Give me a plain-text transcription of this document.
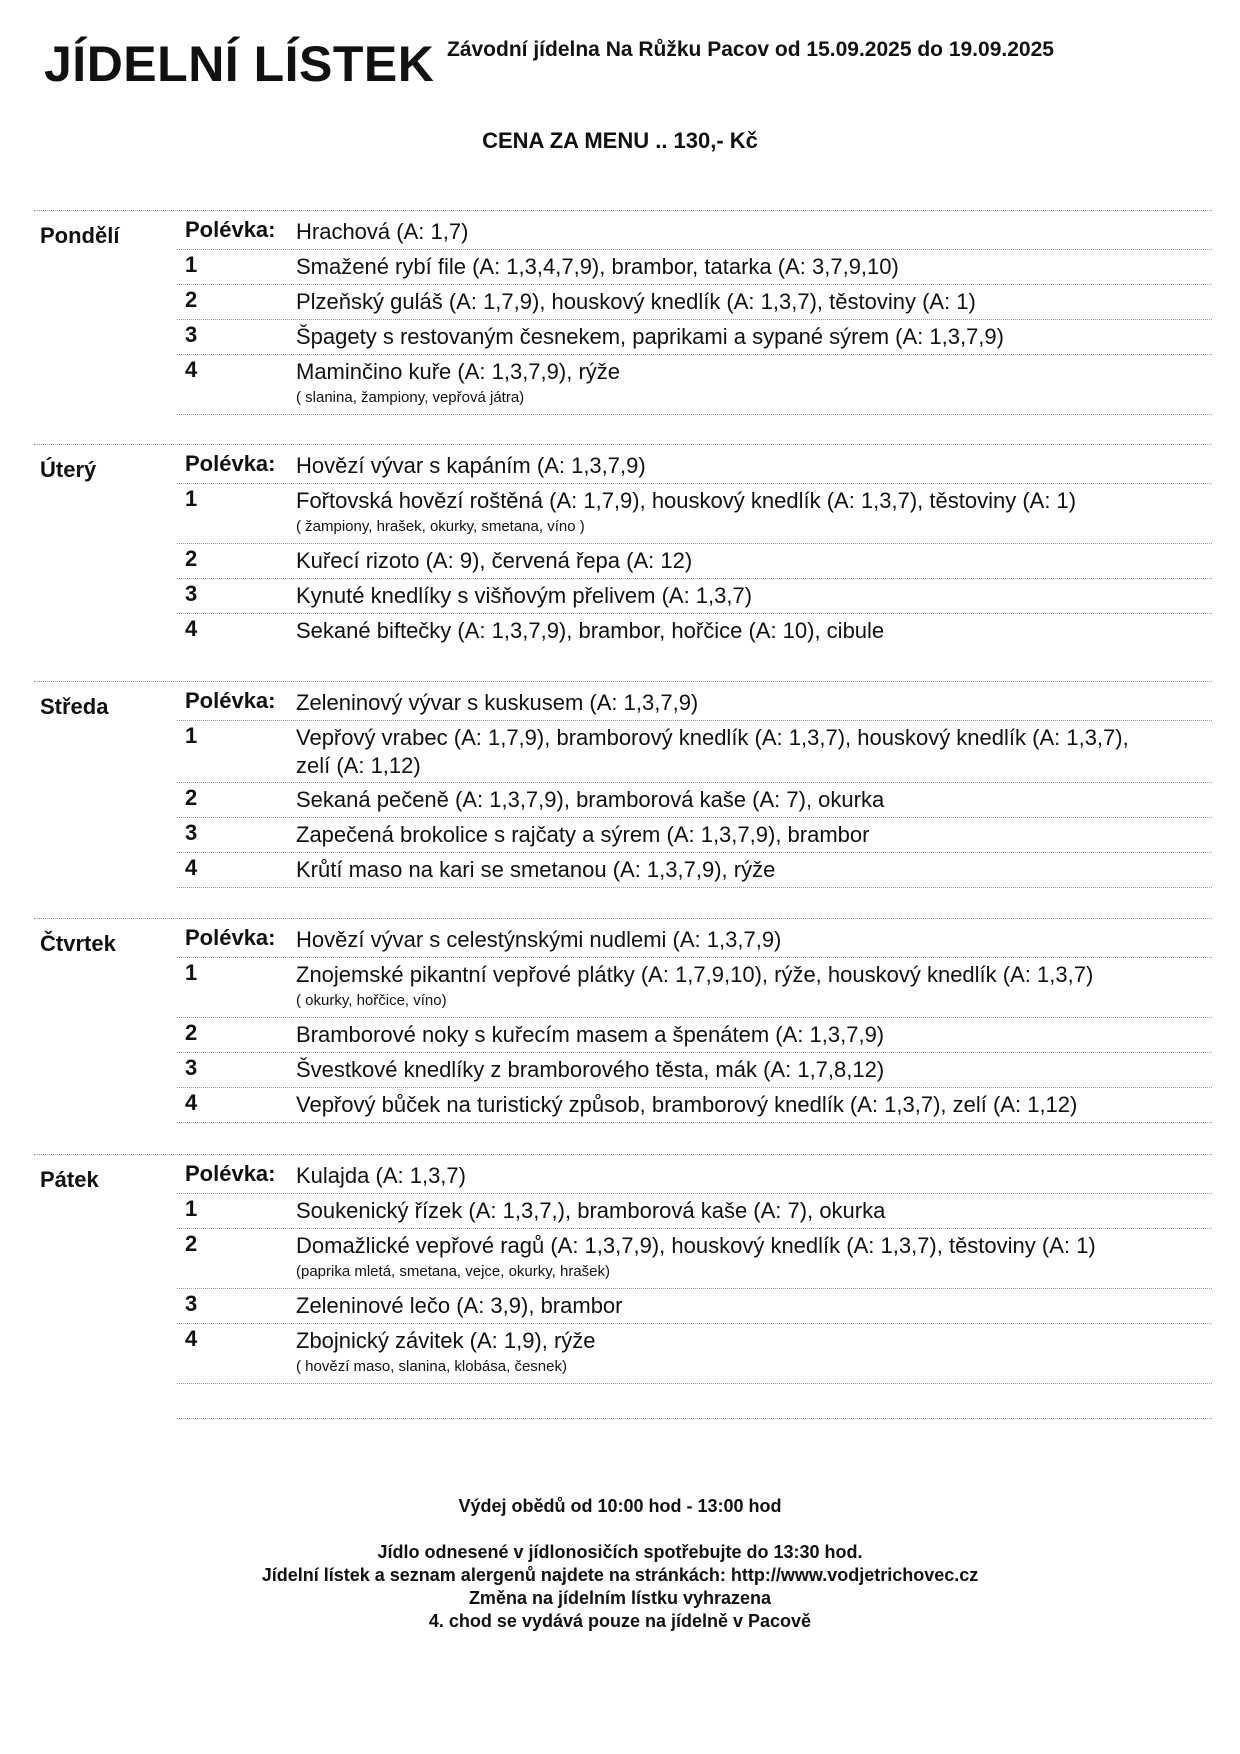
JÍDELNÍ LÍSTEK Závodní jídelna Na Růžku Pacov od 15.09.2025 do 19.09.2025
CENA ZA MENU .. 130,- Kč
Pondělí	Polévka: Hrachová (A: 1,7)
1	Smažené rybí file (A: 1,3,4,7,9), brambor, tatarka (A: 3,7,9,10)
2	Plzeňský guláš (A: 1,7,9), houskový knedlík (A: 1,3,7), těstoviny (A: 1)
3	Špagety s restovaným česnekem, paprikami a sypané sýrem (A: 1,3,7,9)
4	Maminčino kuře (A: 1,3,7,9), rýže
( slanina, žampiony, vepřová játra)
Úterý	Polévka: Hovězí vývar s kapáním (A: 1,3,7,9)
1	Fořtovská hovězí roštěná (A: 1,7,9), houskový knedlík (A: 1,3,7), těstoviny (A: 1)
( žampiony, hrašek, okurky, smetana, víno )
2	Kuřecí rizoto (A: 9), červená řepa (A: 12)
3	Kynuté knedlíky s višňovým přelivem (A: 1,3,7)
4	Sekané biftečky (A: 1,3,7,9), brambor, hořčice (A: 10), cibule
Středa	Polévka: Zeleninový vývar s kuskusem (A: 1,3,7,9)
1	Vepřový vrabec (A: 1,7,9), bramborový knedlík (A: 1,3,7), houskový knedlík (A: 1,3,7), zelí (A: 1,12)
2	Sekaná pečeně (A: 1,3,7,9), bramborová kaše (A: 7), okurka
3	Zapečená brokolice s rajčaty a sýrem (A: 1,3,7,9), brambor
4	Krůtí maso na kari se smetanou (A: 1,3,7,9), rýže
Čtvrtek	Polévka: Hovězí vývar s celestýnskými nudlemi (A: 1,3,7,9)
1	Znojemské pikantní vepřové plátky (A: 1,7,9,10), rýže, houskový knedlík (A: 1,3,7)
( okurky, hořčice, víno)
2	Bramborové noky s kuřecím masem a špenátem (A: 1,3,7,9)
3	Švestkové knedlíky z bramborového těsta, mák (A: 1,7,8,12)
4	Vepřový bůček na turistický způsob, bramborový knedlík (A: 1,3,7), zelí (A: 1,12)
Pátek	Polévka: Kulajda (A: 1,3,7)
1	Soukenický řízek (A: 1,3,7,), bramborová kaše (A: 7), okurka
2	Domažlické vepřové ragů (A: 1,3,7,9), houskový knedlík (A: 1,3,7), těstoviny (A: 1)
(paprika mletá, smetana, vejce, okurky, hrašek)
3	Zeleninové lečo (A: 3,9), brambor
4	Zbojnický závitek (A: 1,9), rýže
( hovězí maso, slanina, klobása, česnek)
Výdej obědů od 10:00 hod - 13:00 hod
Jídlo odnesené v jídlonosičích spotřebujte do 13:30 hod.
Jídelní lístek a seznam alergenů najdete na stránkách: http://www.vodjetrichovec.cz
Změna na jídelním lístku vyhrazena
4. chod se vydává pouze na jídelně v Pacově
